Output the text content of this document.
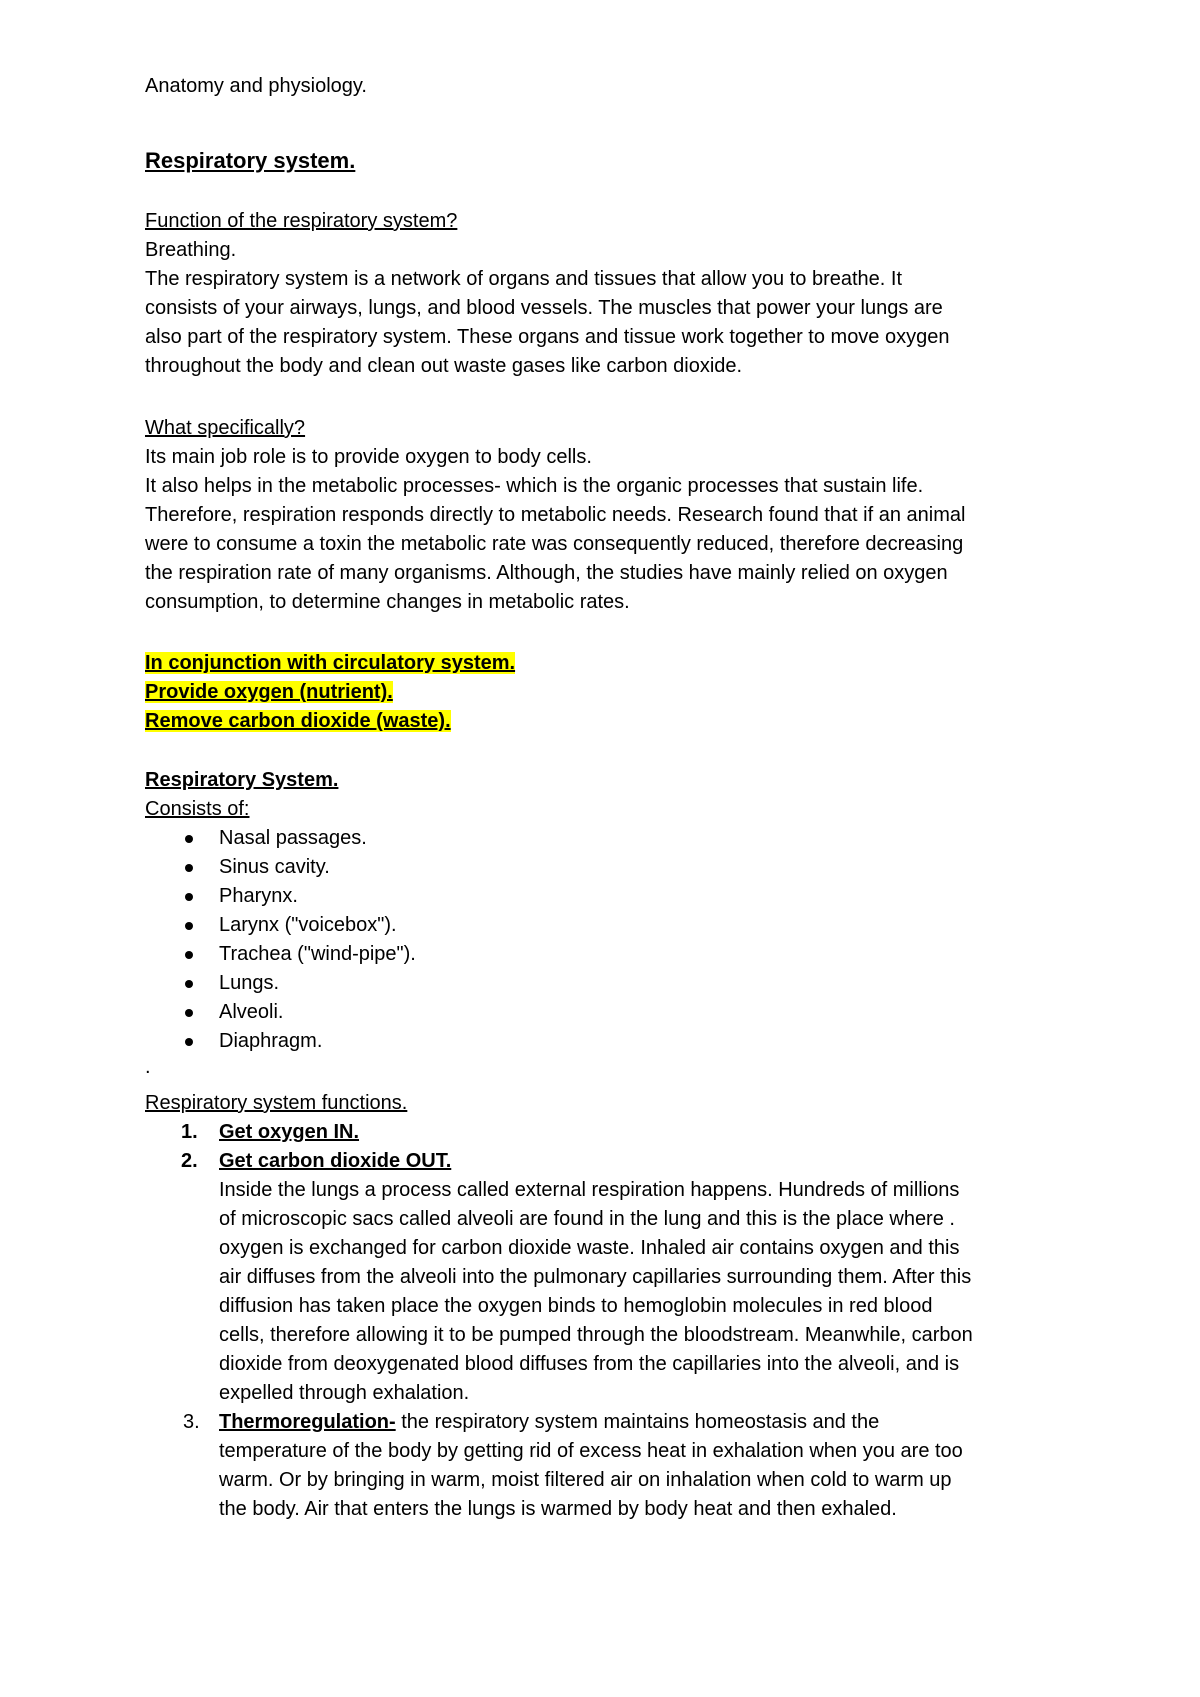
Anatomy and physiology.
Respiratory system.
Function of the respiratory system?
Breathing.
The respiratory system is a network of organs and tissues that allow you to breathe. It
consists of your airways, lungs, and blood vessels. The muscles that power your lungs are
also part of the respiratory system. These organs and tissue work together to move oxygen
throughout the body and clean out waste gases like carbon dioxide.
What specifically?
Its main job role is to provide oxygen to body cells.
It also helps in the metabolic processes- which is the organic processes that sustain life.
Therefore, respiration responds directly to metabolic needs. Research found that if an animal
were to consume a toxin the metabolic rate was consequently reduced, therefore decreasing
the respiration rate of many organisms. Although, the studies have mainly relied on oxygen
consumption, to determine changes in metabolic rates.
In conjunction with circulatory system.
Provide oxygen (nutrient).
Remove carbon dioxide (waste).
Respiratory System.
Consists of:
Nasal passages.
Sinus cavity.
Pharynx.
Larynx ("voicebox").
Trachea ("wind-pipe").
Lungs.
Alveoli.
Diaphragm.
.
Respiratory system functions.
1. Get oxygen IN.
2. Get carbon dioxide OUT.
Inside the lungs a process called external respiration happens. Hundreds of millions
of microscopic sacs called alveoli are found in the lung and this is the place where .
oxygen is exchanged for carbon dioxide waste. Inhaled air contains oxygen and this
air diffuses from the alveoli into the pulmonary capillaries surrounding them. After this
diffusion has taken place the oxygen binds to hemoglobin molecules in red blood
cells, therefore allowing it to be pumped through the bloodstream. Meanwhile, carbon
dioxide from deoxygenated blood diffuses from the capillaries into the alveoli, and is
expelled through exhalation.
3. Thermoregulation- the respiratory system maintains homeostasis and the
temperature of the body by getting rid of excess heat in exhalation when you are too
warm. Or by bringing in warm, moist filtered air on inhalation when cold to warm up
the body. Air that enters the lungs is warmed by body heat and then exhaled.
